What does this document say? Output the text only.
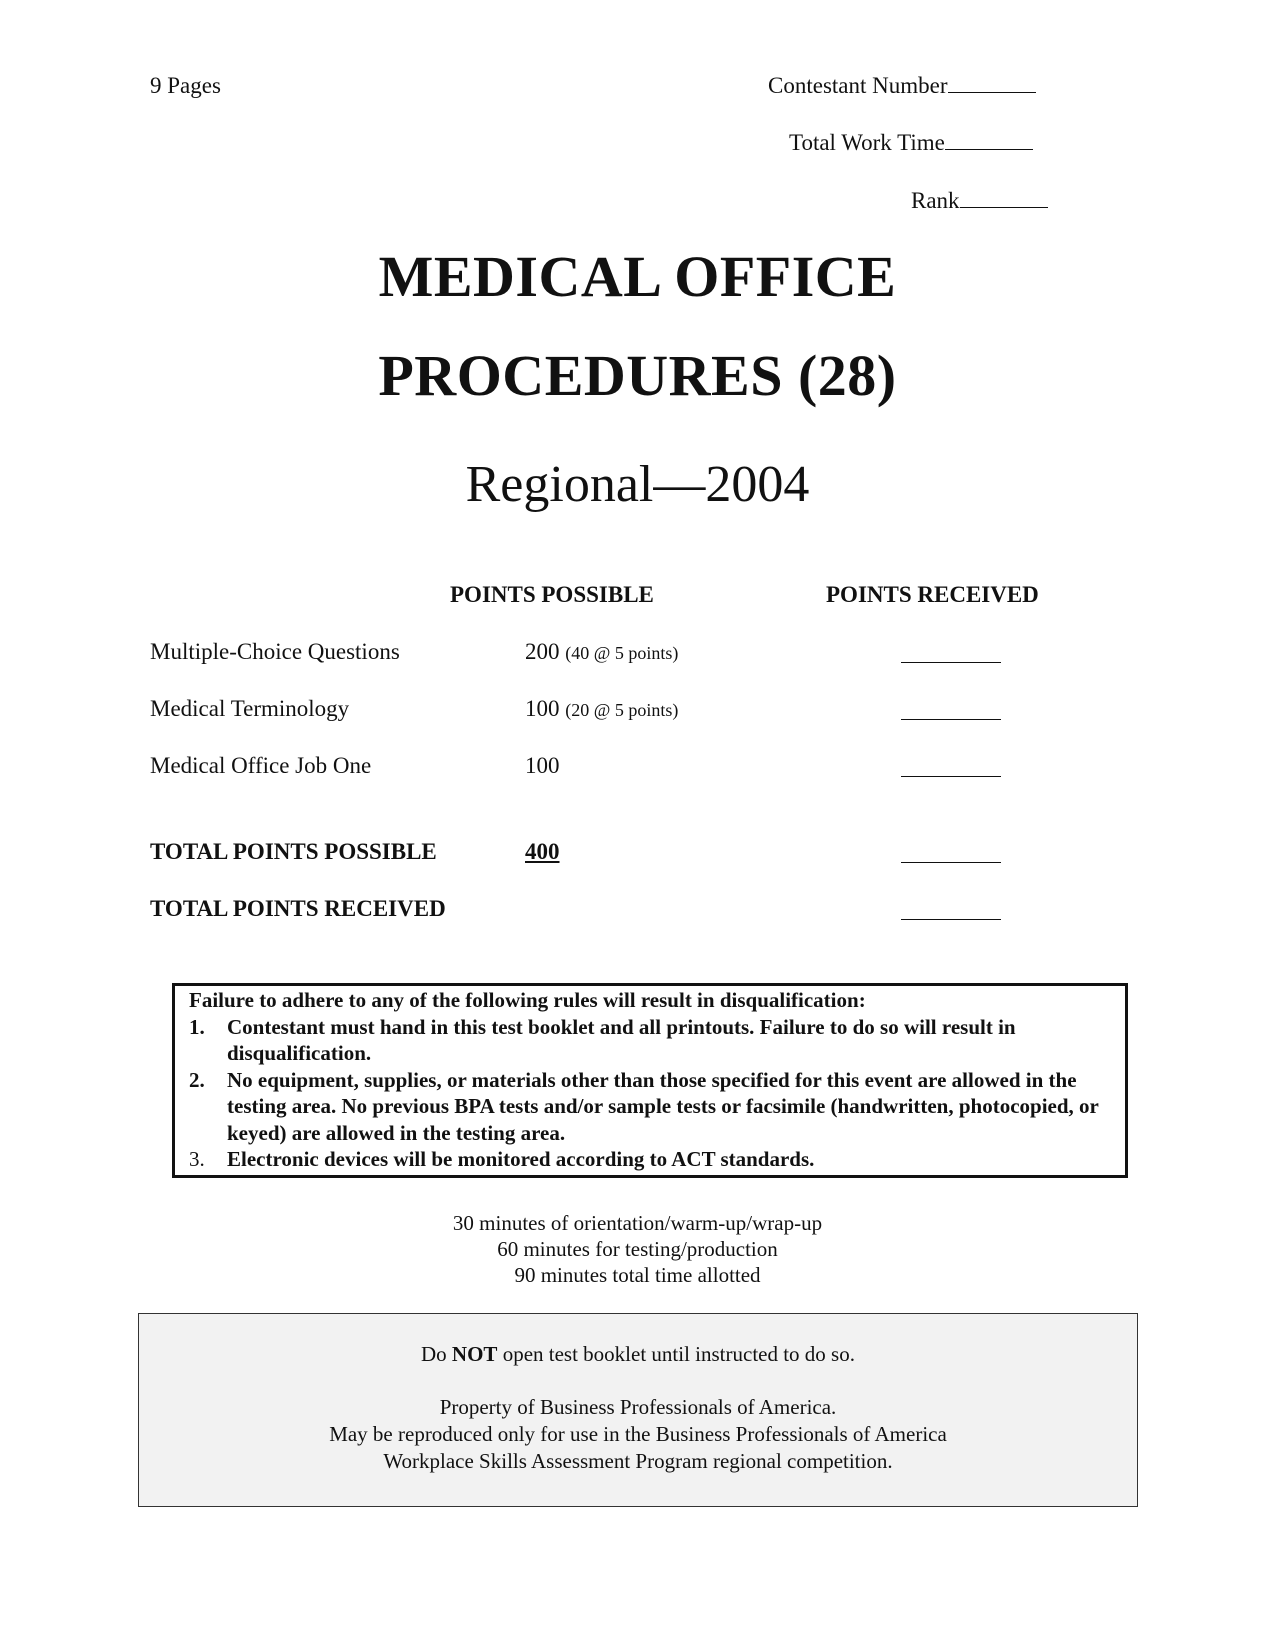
9 Pages	Contestant Number
Total Work Time
Rank
MEDICAL OFFICE
PROCEDURES (28)
Regional—2004
POINTS POSSIBLE	POINTS RECEIVED
Multiple-Choice Questions	200 (40 @ 5 points)
Medical Terminology	100 (20 @ 5 points)
Medical Office Job One	100
TOTAL POINTS POSSIBLE	400
TOTAL POINTS RECEIVED
Failure to adhere to any of the following rules will result in disqualification:
1.	Contestant must hand in this test booklet and all printouts. Failure to do so will result in disqualification.
2.	No equipment, supplies, or materials other than those specified for this event are allowed in the testing area. No previous BPA tests and/or sample tests or facsimile (handwritten, photocopied, or keyed) are allowed in the testing area.
3.	Electronic devices will be monitored according to ACT standards.
30 minutes of orientation/warm-up/wrap-up
60 minutes for testing/production
90 minutes total time allotted
Do NOT open test booklet until instructed to do so.
Property of Business Professionals of America.
May be reproduced only for use in the Business Professionals of America
Workplace Skills Assessment Program regional competition.
